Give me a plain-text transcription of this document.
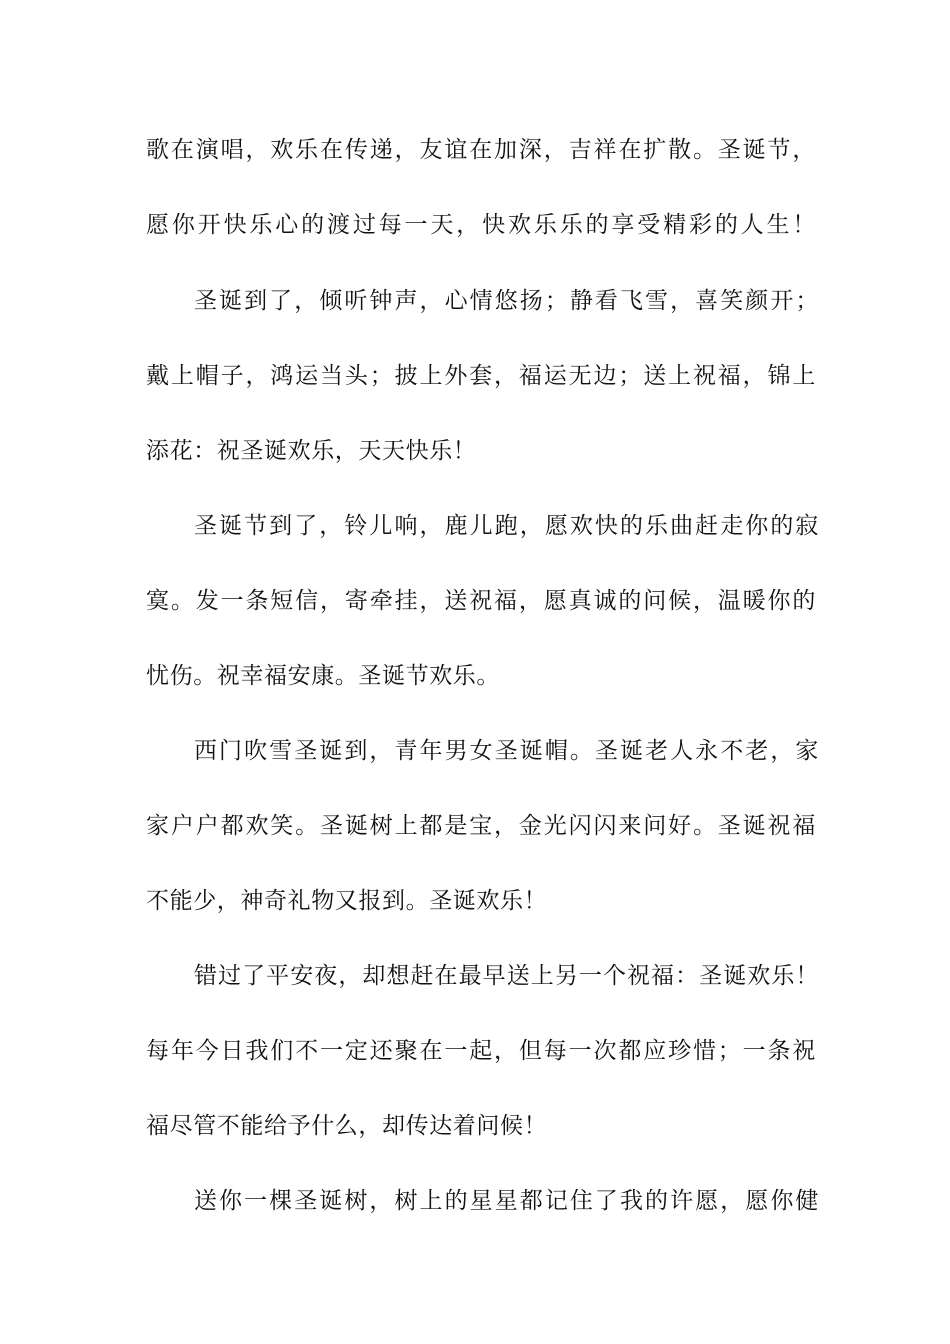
歌在演唱，欢乐在传递，友谊在加深，吉祥在扩散。圣诞节，
愿你开快乐心的渡过每一天，快欢乐乐的享受精彩的人生！
圣诞到了，倾听钟声，心情悠扬；静看飞雪，喜笑颜开；
戴上帽子，鸿运当头；披上外套，福运无边；送上祝福，锦上
添花：祝圣诞欢乐，天天快乐！
圣诞节到了，铃儿响，鹿儿跑，愿欢快的乐曲赶走你的寂
寞。发一条短信，寄牵挂，送祝福，愿真诚的问候，温暖你的
忧伤。祝幸福安康。圣诞节欢乐。
西门吹雪圣诞到，青年男女圣诞帽。圣诞老人永不老，家
家户户都欢笑。圣诞树上都是宝，金光闪闪来问好。圣诞祝福
不能少，神奇礼物又报到。圣诞欢乐！
错过了平安夜，却想赶在最早送上另一个祝福：圣诞欢乐！
每年今日我们不一定还聚在一起，但每一次都应珍惜；一条祝
福尽管不能给予什么，却传达着问候！
送你一棵圣诞树，树上的星星都记住了我的许愿，愿你健
